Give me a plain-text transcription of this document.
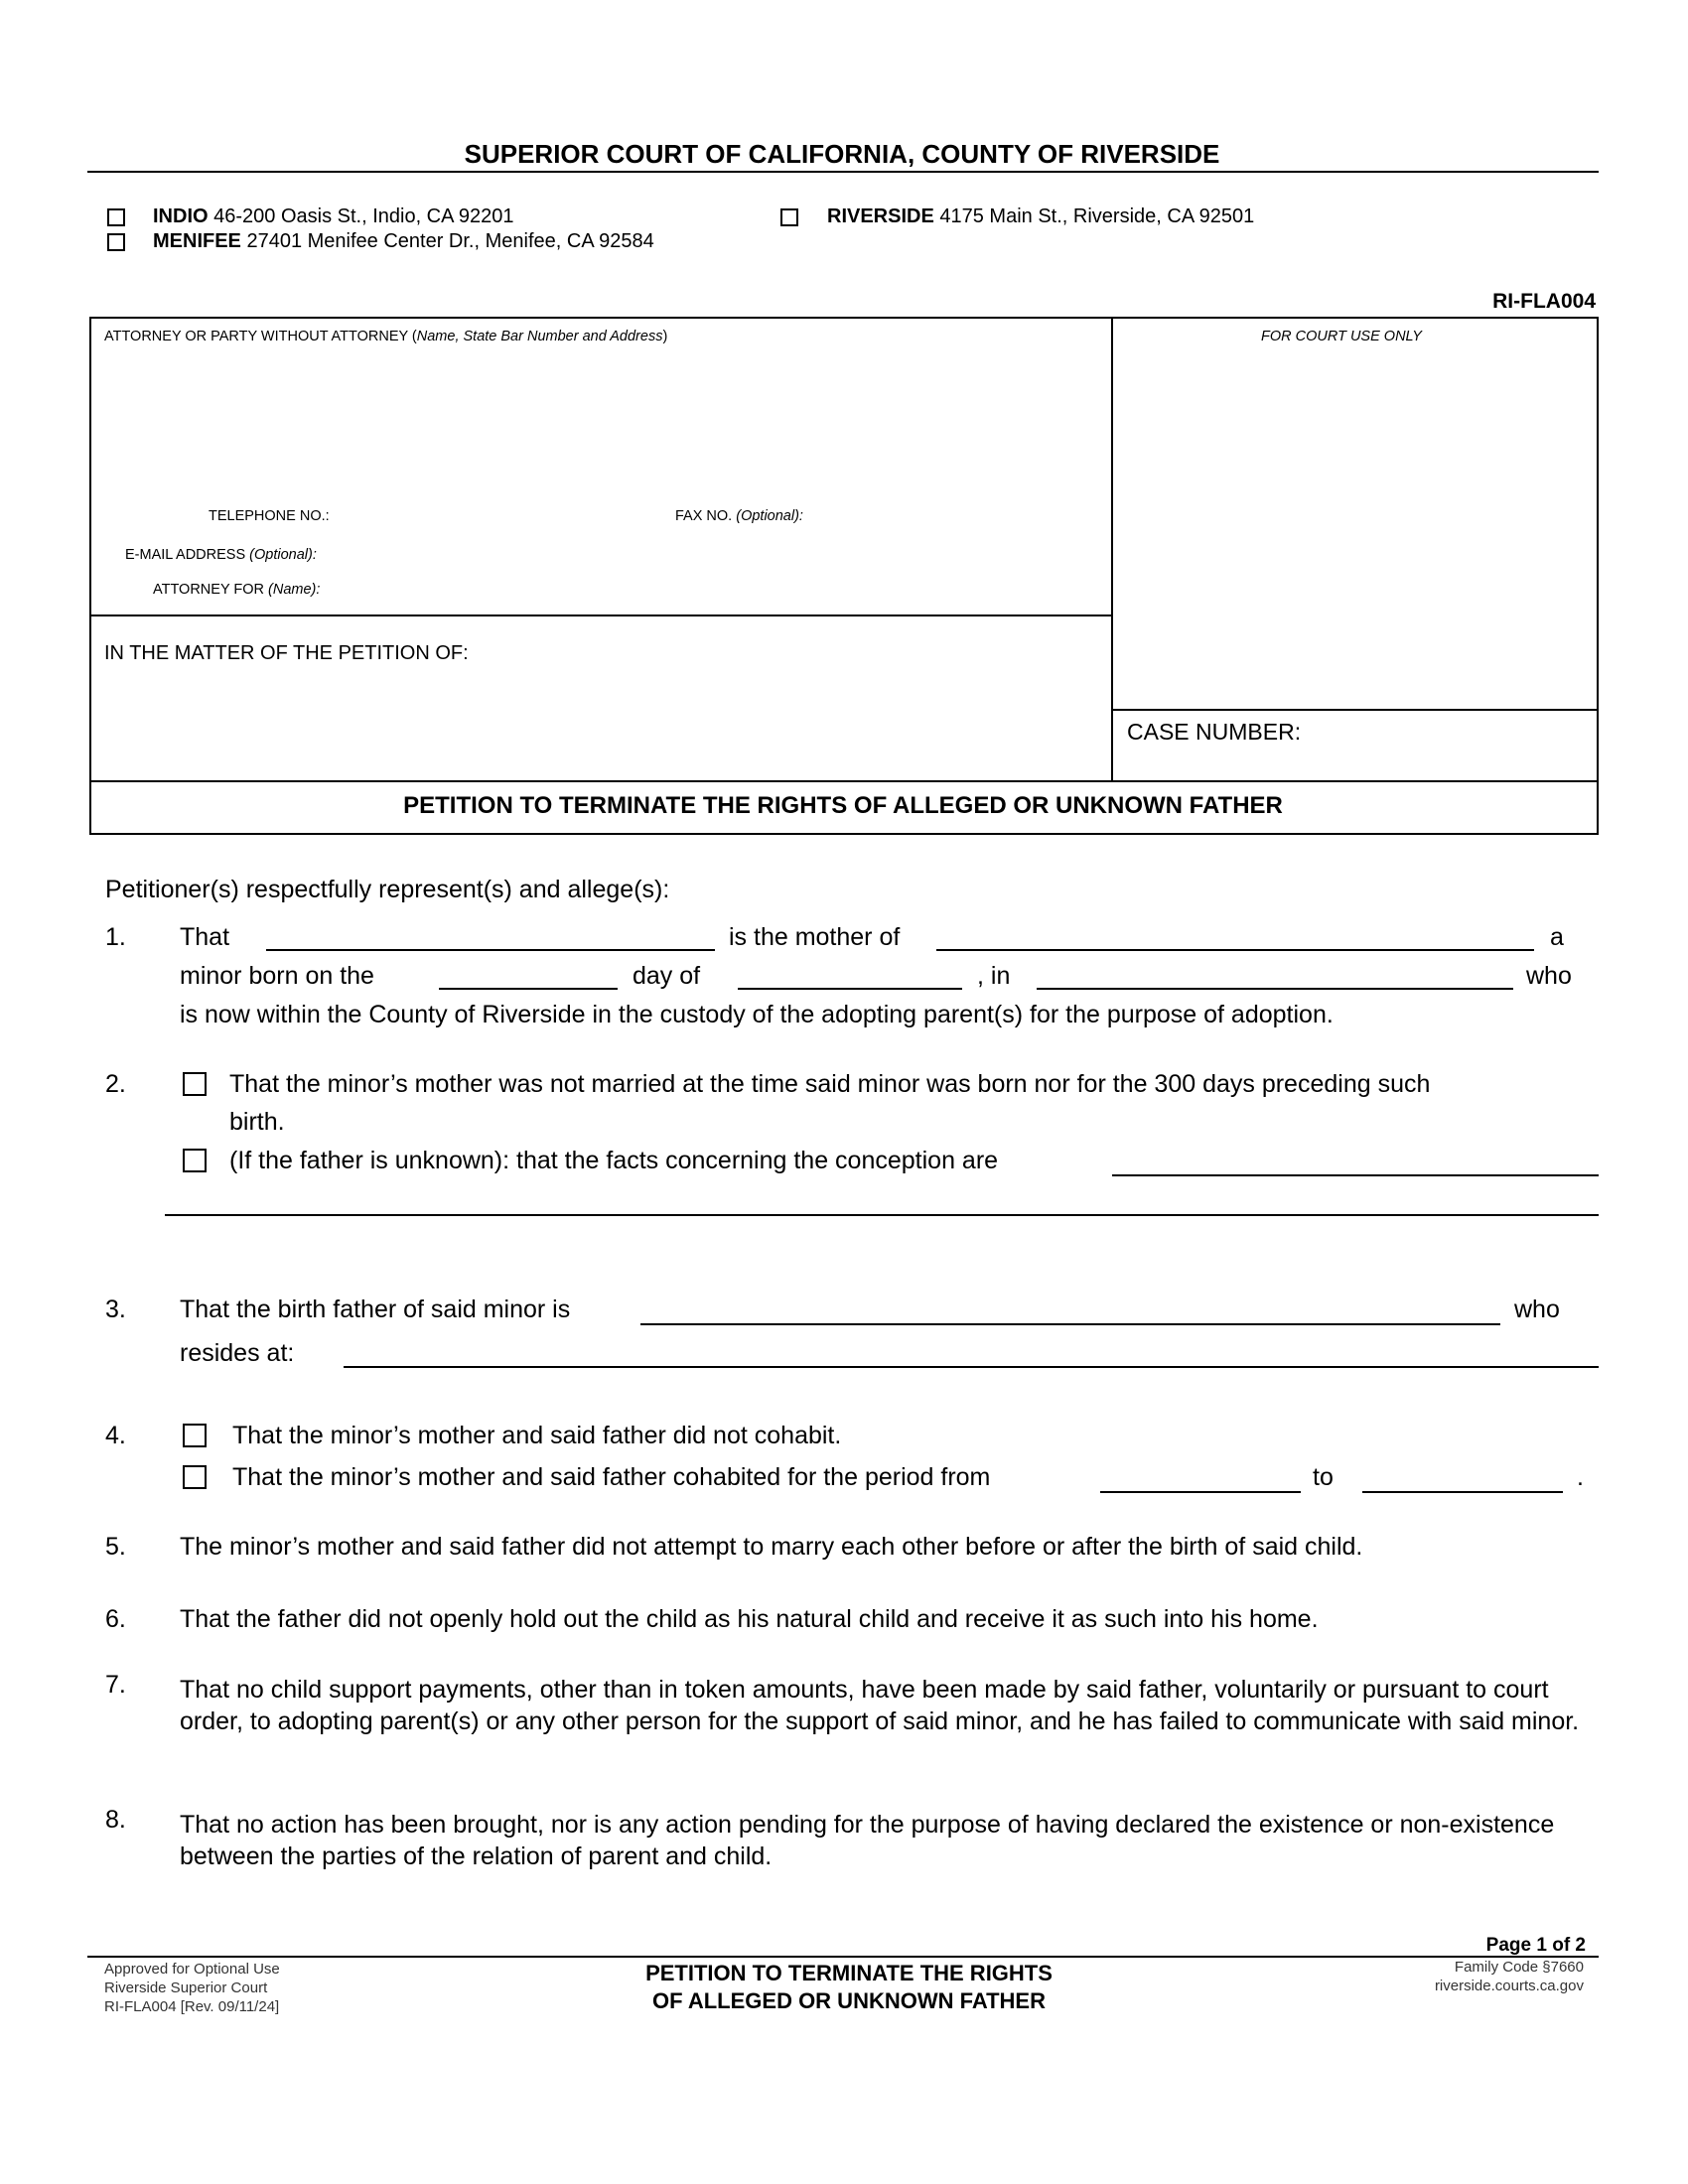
SUPERIOR COURT OF CALIFORNIA, COUNTY OF RIVERSIDE
INDIO 46-200 Oasis St., Indio, CA 92201
MENIFEE 27401 Menifee Center Dr., Menifee, CA 92584
RIVERSIDE 4175 Main St., Riverside, CA 92501
RI-FLA004
ATTORNEY OR PARTY WITHOUT ATTORNEY (Name, State Bar Number and Address)	FOR COURT USE ONLY
TELEPHONE NO.:	FAX NO. (Optional):
E-MAIL ADDRESS (Optional):
ATTORNEY FOR (Name):
IN THE MATTER OF THE PETITION OF:
CASE NUMBER:
PETITION TO TERMINATE THE RIGHTS OF ALLEGED OR UNKNOWN FATHER
Petitioner(s) respectfully represent(s) and allege(s):
1. That	is the mother of	a
minor born on the	day of	, in	who
is now within the County of Riverside in the custody of the adopting parent(s) for the purpose of adoption.
2.	That the minor’s mother was not married at the time said minor was born nor for the 300 days preceding such
birth.
(If the father is unknown): that the facts concerning the conception are
3. That the birth father of said minor is	who
resides at:
4.	That the minor’s mother and said father did not cohabit.
That the minor’s mother and said father cohabited for the period from	to	.
5. The minor’s mother and said father did not attempt to marry each other before or after the birth of said child.
6. That the father did not openly hold out the child as his natural child and receive it as such into his home.
7. That no child support payments, other than in token amounts, have been made by said father, voluntarily or pursuant to court order, to adopting parent(s) or any other person for the support of said minor, and he has failed to communicate with said minor.
8. That no action has been brought, nor is any action pending for the purpose of having declared the existence or non-existence between the parties of the relation of parent and child.
Page 1 of 2
Approved for Optional Use
Riverside Superior Court
RI-FLA004 [Rev. 09/11/24]
PETITION TO TERMINATE THE RIGHTS
OF ALLEGED OR UNKNOWN FATHER
Family Code §7660
riverside.courts.ca.gov
